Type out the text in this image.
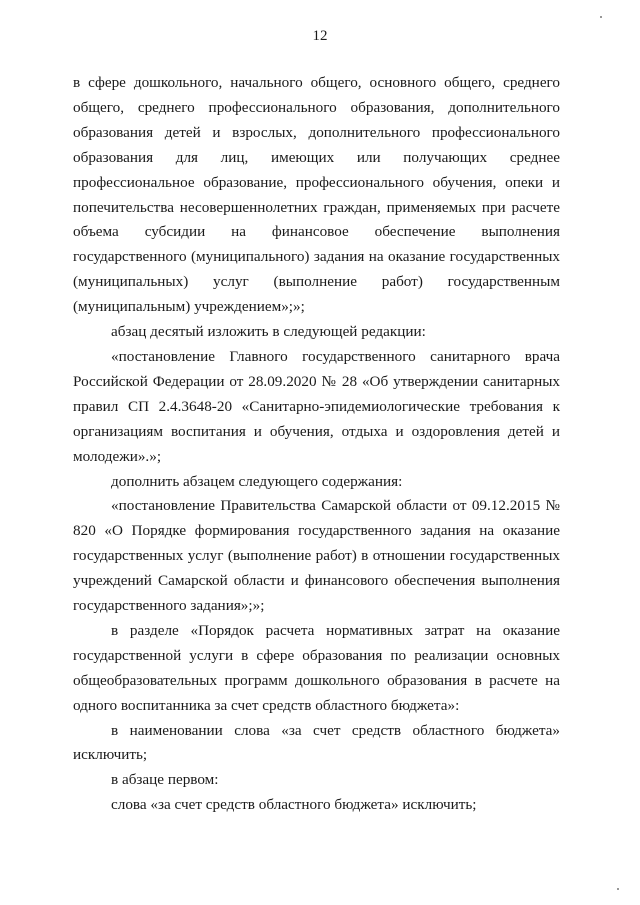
12

в сфере дошкольного, начального общего, основного общего, среднего общего, среднего профессионального образования, дополнительного образования детей и взрослых, дополнительного профессионального образования для лиц, имеющих или получающих среднее профессиональное образование, профессионального обучения, опеки и попечительства несовершеннолетних граждан, применяемых при расчете объема субсидии на финансовое обеспечение выполнения государственного (муниципального) задания на оказание государственных (муниципальных) услуг (выполнение работ) государственным (муниципальным) учреждением»;»;

абзац десятый изложить в следующей редакции:

«постановление Главного государственного санитарного врача Российской Федерации от 28.09.2020 № 28 «Об утверждении санитарных правил СП 2.4.3648-20 «Санитарно-эпидемиологические требования к организациям воспитания и обучения, отдыха и оздоровления детей и молодежи».»;

дополнить абзацем следующего содержания:

«постановление Правительства Самарской области от 09.12.2015 № 820 «О Порядке формирования государственного задания на оказание государственных услуг (выполнение работ) в отношении государственных учреждений Самарской области и финансового обеспечения выполнения государственного задания»;»;

в разделе «Порядок расчета нормативных затрат на оказание государственной услуги в сфере образования по реализации основных общеобразовательных программ дошкольного образования в расчете на одного воспитанника за счет средств областного бюджета»:

в наименовании слова «за счет средств областного бюджета» исключить;

в абзаце первом:

слова «за счет средств областного бюджета» исключить;
